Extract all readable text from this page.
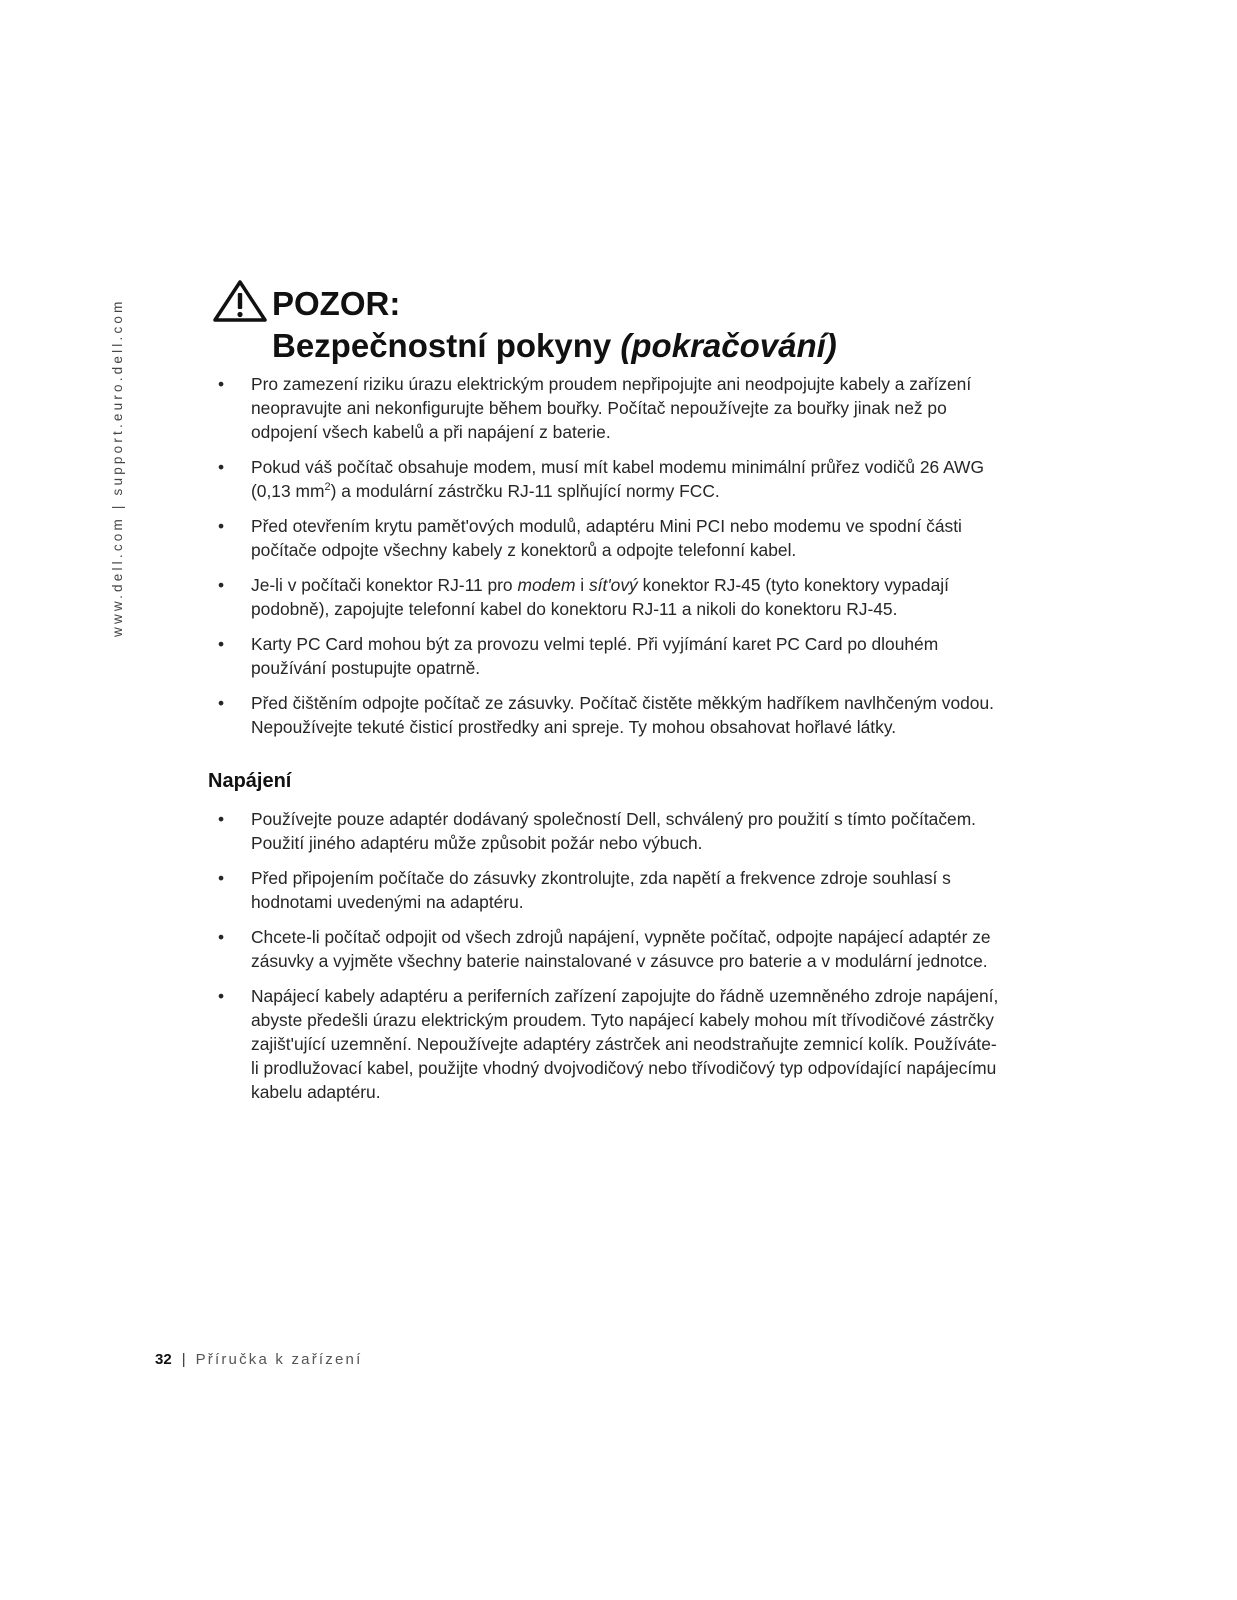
www.dell.com | support.euro.dell.com	POZOR:
Bezpečnostní pokyny (pokračování)
• Pro zamezení riziku úrazu elektrickým proudem nepřipojujte ani neodpojujte kabely a zařízení neopravujte ani nekonfigurujte během bouřky. Počítač nepoužívejte za bouřky jinak než po odpojení všech kabelů a při napájení z baterie.
• Pokud váš počítač obsahuje modem, musí mít kabel modemu minimální průřez vodičů 26 AWG (0,13 $mm^2$) a modulární zástrčku RJ-11 splňující normy FCC.
• Před otevřením krytu pamět'ových modulů, adaptéru Mini PCI nebo modemu ve spodní části počítače odpojte všechny kabely z konektorů a odpojte telefonní kabel.
• Je-li v počítači konektor RJ-11 pro modem i sít'ový konektor RJ-45 (tyto konektory vypadají podobně), zapojujte telefonní kabel do konektoru RJ-11 a nikoli do konektoru RJ-45.
• Karty PC Card mohou být za provozu velmi teplé. Při vyjímání karet PC Card po dlouhém používání postupujte opatrně.
• Před čištěním odpojte počítač ze zásuvky. Počítač čistěte měkkým hadříkem navlhčeným vodou. Nepoužívejte tekuté čisticí prostředky ani spreje. Ty mohou obsahovat hořlavé látky.
Napájení
• Používejte pouze adaptér dodávaný společností Dell, schválený pro použití s tímto počítačem. Použití jiného adaptéru může způsobit požár nebo výbuch.
• Před připojením počítače do zásuvky zkontrolujte, zda napětí a frekvence zdroje souhlasí s hodnotami uvedenými na adaptéru.
• Chcete-li počítač odpojit od všech zdrojů napájení, vypněte počítač, odpojte napájecí adaptér ze zásuvky a vyjměte všechny baterie nainstalované v zásuvce pro baterie a v modulární jednotce.
• Napájecí kabely adaptéru a periferních zařízení zapojujte do řádně uzemněného zdroje napájení, abyste předešli úrazu elektrickým proudem. Tyto napájecí kabely mohou mít třívodičové zástrčky zajišt'ující uzemnění. Nepoužívejte adaptéry zástrček ani neodstraňujte zemnicí kolík. Používáte-li prodlužovací kabel, použijte vhodný dvojvodičový nebo třívodičový typ odpovídající napájecímu kabelu adaptéru.
32 | Příručka k zařízení
